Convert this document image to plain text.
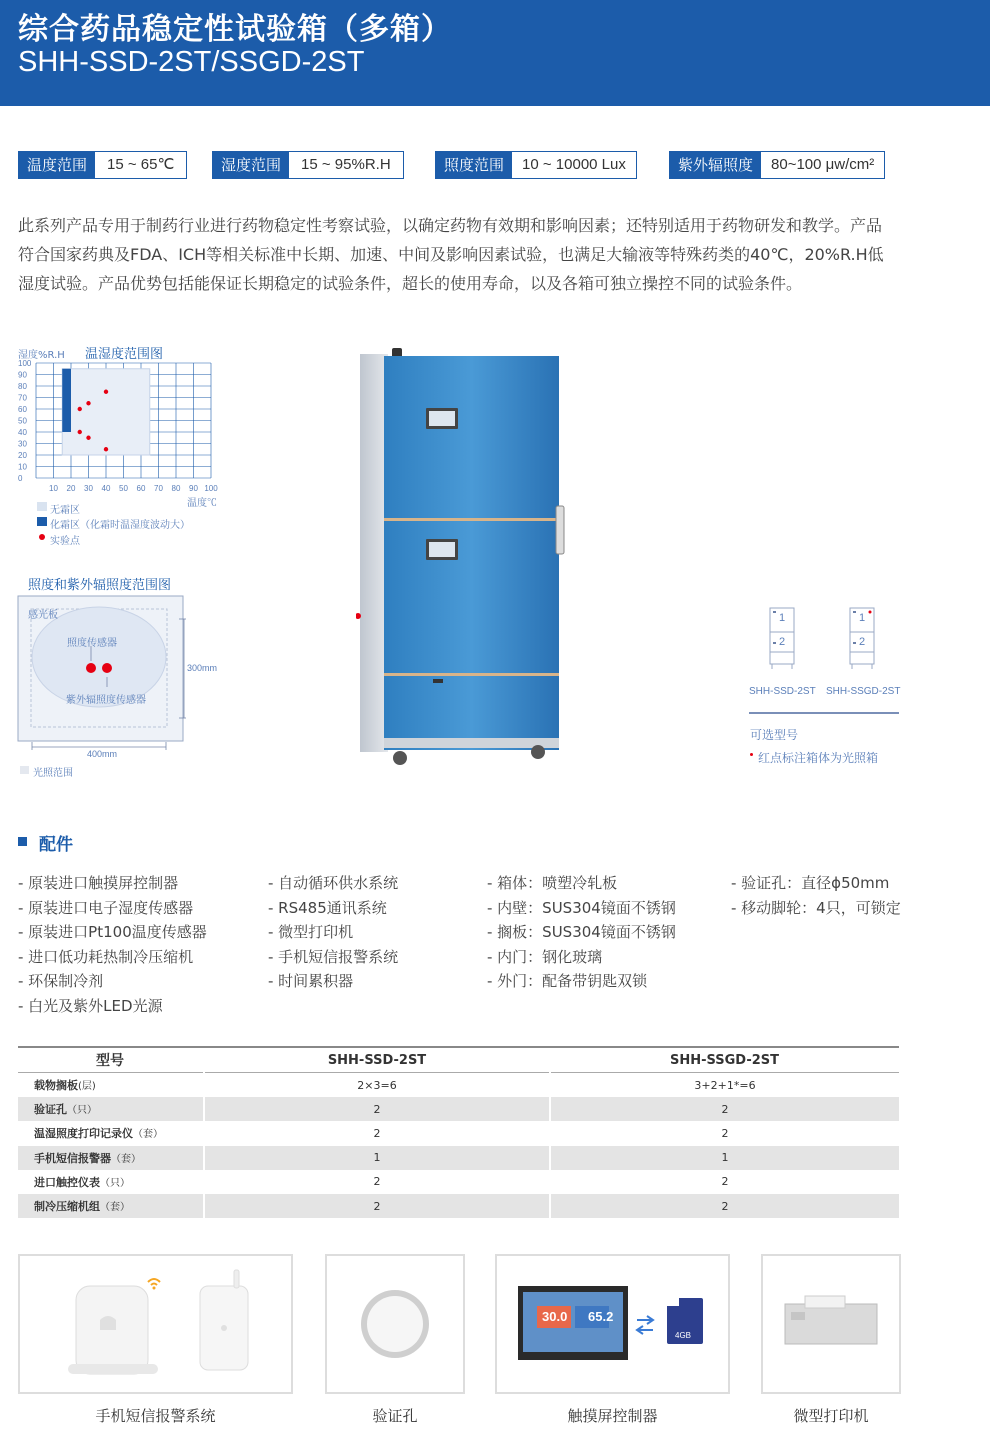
综合药品稳定性试验箱（多箱）
SHH-SSD-2ST/SSGD-2ST
温度范围	15 ~ 65℃	湿度范围	15 ~ 95%R.H	照度范围	10 ~ 10000 Lux	紫外辐照度	80~100 μw/cm²
此系列产品专用于制药行业进行药物稳定性考察试验，以确定药物有效期和影响因素；还特别适用于药物研发和教学。产品
符合国家药典及FDA、ICH等相关标准中长期、加速、中间及影响因素试验，也满足大输液等特殊药类的40℃，20%R.H低
湿度试验。产品优势包括能保证长期稳定的试验条件，超长的使用寿命，以及各箱可独立操控不同的试验条件。
湿度%R.H 温湿度范围图
100
90
80
70
60
50
40
30
20
10
0
10 20 30 40 50 60 70 80 90 100
温度℃
无霜区
化霜区（化霜时温湿度波动大）
实验点
照度和紫外辐照度范围图
感光板
照度传感器
紫外辐照度传感器
300mm
400mm
光照范围
1
2
1
2
SHH-SSD-2ST SHH-SSGD-2ST
可选型号
红点标注箱体为光照箱
配件
- 原装进口触摸屏控制器
- 原装进口电子湿度传感器
- 原装进口Pt100温度传感器
- 进口低功耗热制冷压缩机
- 环保制冷剂
- 白光及紫外LED光源
- 自动循环供水系统
- RS485通讯系统
- 微型打印机
- 手机短信报警系统
- 时间累积器
- 箱体：喷塑冷轧板
- 内壁：SUS304镜面不锈钢
- 搁板：SUS304镜面不锈钢
- 内门：钢化玻璃
- 外门：配备带钥匙双锁
- 验证孔：直径ɸ50mm
- 移动脚轮：4只，可锁定
型号	SHH-SSD-2ST	SHH-SSGD-2ST
载物搁板(层)	2×3=6	3+2+1*=6
验证孔（只）	2	2
温湿照度打印记录仪（套）	2	2
手机短信报警器（套）	1	1
进口触控仪表（只）	2	2
制冷压缩机组（套）	2	2
30.0 65.2
4GB
手机短信报警系统	验证孔	触摸屏控制器	微型打印机
